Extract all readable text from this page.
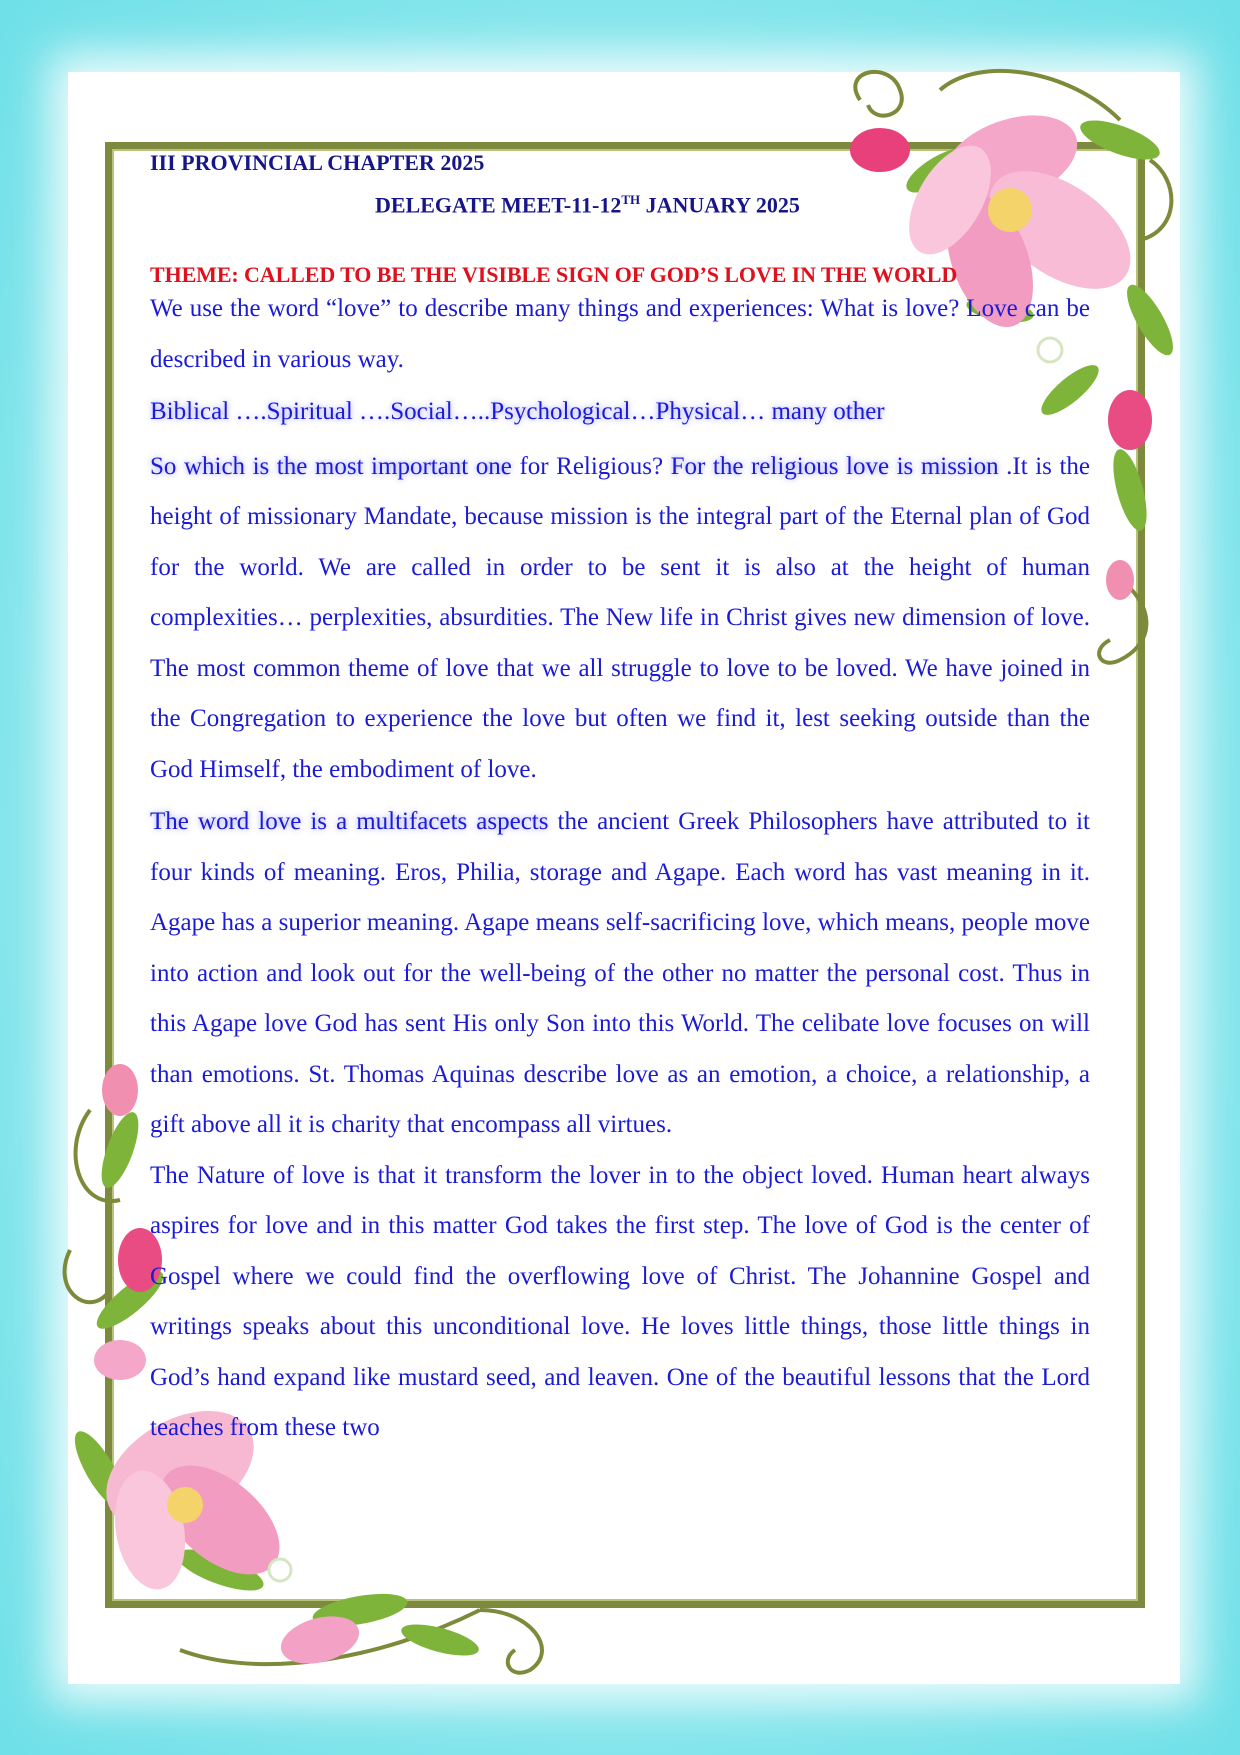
III PROVINCIAL CHAPTER 2025
DELEGATE MEET-11-12TH JANUARY 2025
THEME: CALLED TO BE THE VISIBLE SIGN OF GOD’S LOVE IN THE WORLD

We use the word “love” to describe many things and experiences: What is love? Love can be described in various way.

Biblical ….Spiritual ….Social…..Psychological…Physical… many other

So which is the most important one for Religious? For the religious love is mission .It is the height of missionary Mandate, because mission is the integral part of the Eternal plan of God for the world. We are called in order to be sent it is also at the height of human complexities… perplexities, absurdities. The New life in Christ gives new dimension of love. The most common theme of love that we all struggle to love to be loved. We have joined in the Congregation to experience the love but often we find it, lest seeking outside than the God Himself, the embodiment of love.

The word love is a multifacets aspects the ancient Greek Philosophers have attributed to it four kinds of meaning. Eros, Philia, storage and Agape. Each word has vast meaning in it. Agape has a superior meaning. Agape means self-sacrificing love, which means, people move into action and look out for the well-being of the other no matter the personal cost. Thus in this Agape love God has sent His only Son into this World. The celibate love focuses on will than emotions. St. Thomas Aquinas describe love as an emotion, a choice, a relationship, a gift above all it is charity that encompass all virtues.

The Nature of love is that it transform the lover in to the object loved. Human heart always aspires for love and in this matter God takes the first step. The love of God is the center of Gospel where we could find the overflowing love of Christ. The Johannine Gospel and writings speaks about this unconditional love. He loves little things, those little things in God’s hand expand like mustard seed, and leaven. One of the beautiful lessons that the Lord teaches from these two
